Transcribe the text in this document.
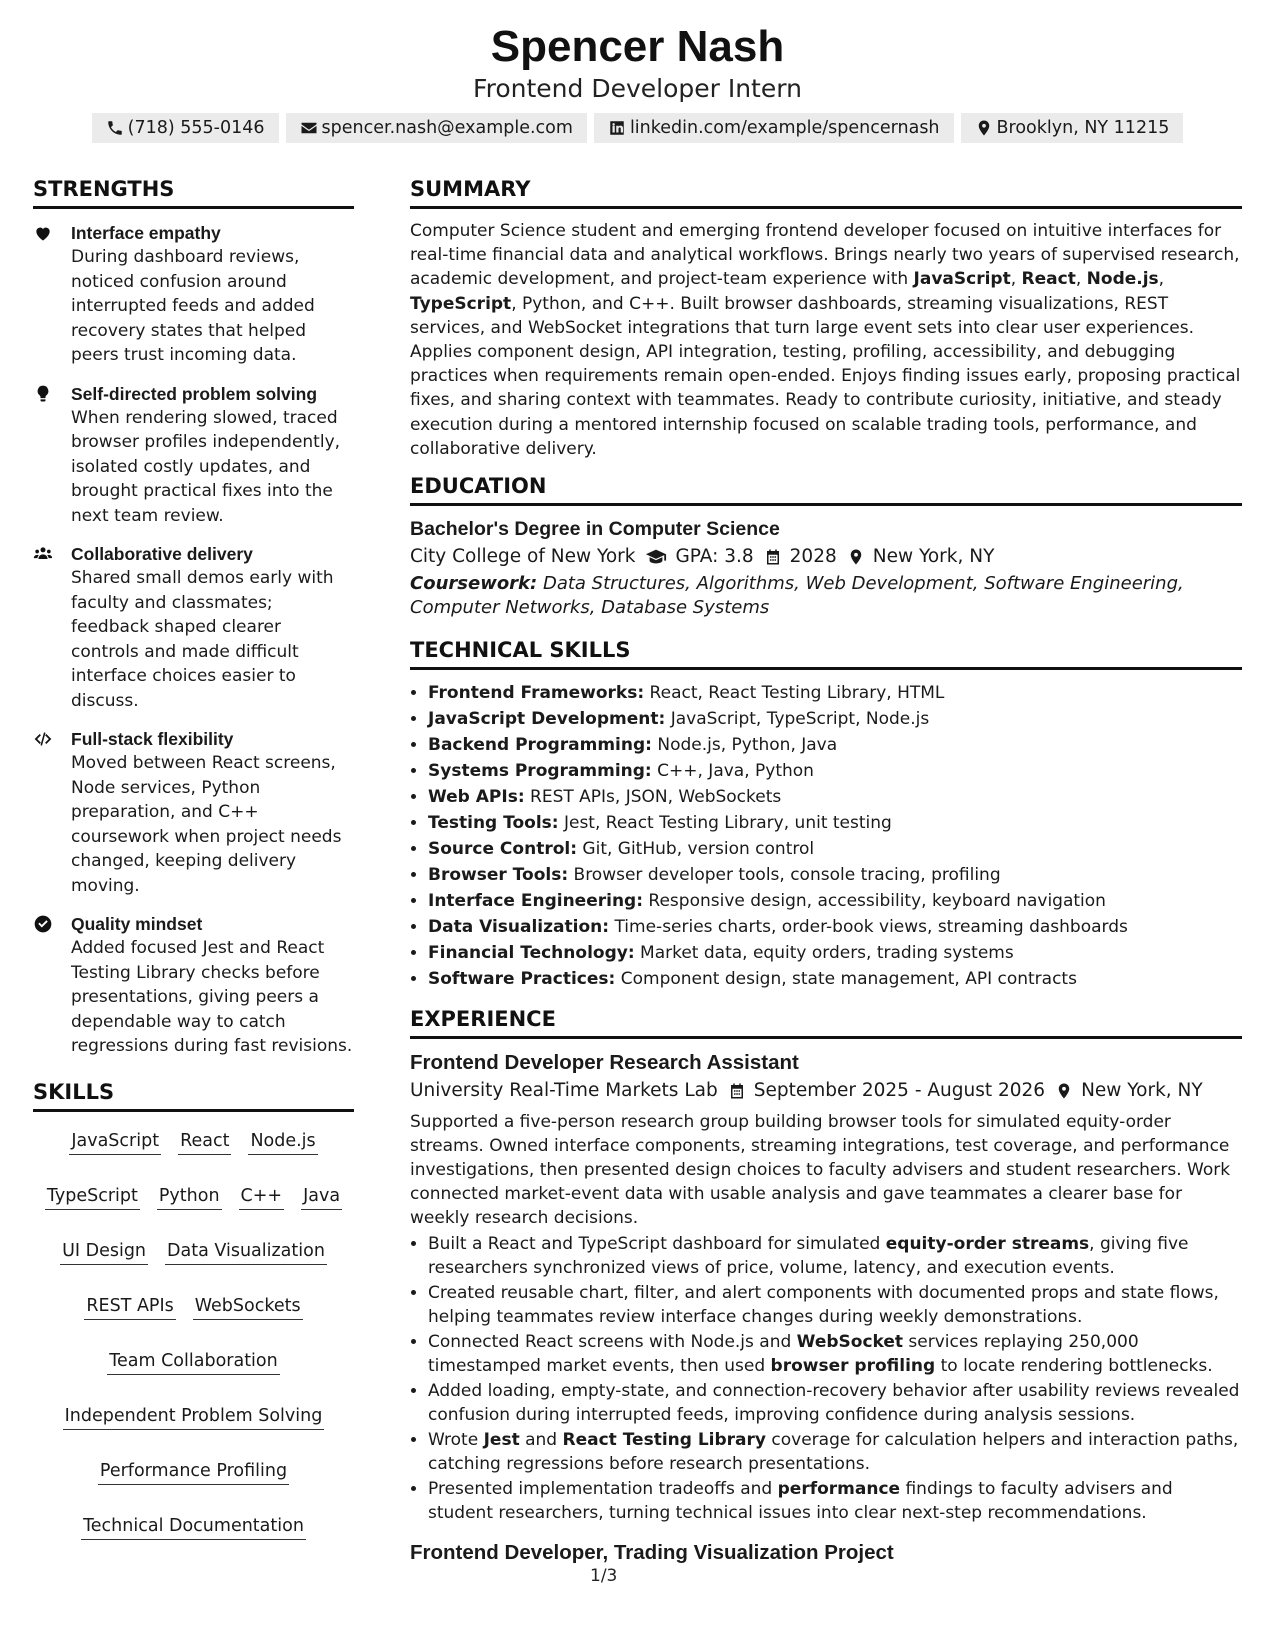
Spencer Nash
Frontend Developer Intern
(718) 555-0146	spencer.nash@example.com	linkedin.com/example/spencernash	Brooklyn, NY 11215
STRENGTHS
Interface empathy
During dashboard reviews, noticed confusion around interrupted feeds and added recovery states that helped peers trust incoming data.
Self-directed problem solving
When rendering slowed, traced browser profiles independently, isolated costly updates, and brought practical fixes into the next team review.
Collaborative delivery
Shared small demos early with faculty and classmates; feedback shaped clearer controls and made difficult interface choices easier to discuss.
Full-stack flexibility
Moved between React screens, Node services, Python preparation, and C++ coursework when project needs changed, keeping delivery moving.
Quality mindset
Added focused Jest and React Testing Library checks before presentations, giving peers a dependable way to catch regressions during fast revisions.
SKILLS
JavaScript React Node.js
TypeScript Python C++ Java
UI Design Data Visualization
REST APIs WebSockets
Team Collaboration
Independent Problem Solving
Performance Profiling
Technical Documentation
SUMMARY
Computer Science student and emerging frontend developer focused on intuitive interfaces for real-time financial data and analytical workflows. Brings nearly two years of supervised research, academic development, and project-team experience with JavaScript, React, Node.js, TypeScript, Python, and C++. Built browser dashboards, streaming visualizations, REST services, and WebSocket integrations that turn large event sets into clear user experiences. Applies component design, API integration, testing, profiling, accessibility, and debugging practices when requirements remain open-ended. Enjoys finding issues early, proposing practical fixes, and sharing context with teammates. Ready to contribute curiosity, initiative, and steady execution during a mentored internship focused on scalable trading tools, performance, and collaborative delivery.
EDUCATION
Bachelor's Degree in Computer Science
City College of New York GPA: 3.8 2028 New York, NY
Coursework: Data Structures, Algorithms, Web Development, Software Engineering, Computer Networks, Database Systems
TECHNICAL SKILLS
• Frontend Frameworks: React, React Testing Library, HTML
• JavaScript Development: JavaScript, TypeScript, Node.js
• Backend Programming: Node.js, Python, Java
• Systems Programming: C++, Java, Python
• Web APIs: REST APIs, JSON, WebSockets
• Testing Tools: Jest, React Testing Library, unit testing
• Source Control: Git, GitHub, version control
• Browser Tools: Browser developer tools, console tracing, profiling
• Interface Engineering: Responsive design, accessibility, keyboard navigation
• Data Visualization: Time-series charts, order-book views, streaming dashboards
• Financial Technology: Market data, equity orders, trading systems
• Software Practices: Component design, state management, API contracts
EXPERIENCE
Frontend Developer Research Assistant
University Real-Time Markets Lab September 2025 - August 2026 New York, NY
Supported a five-person research group building browser tools for simulated equity-order streams. Owned interface components, streaming integrations, test coverage, and performance investigations, then presented design choices to faculty advisers and student researchers. Work connected market-event data with usable analysis and gave teammates a clearer base for weekly research decisions.
• Built a React and TypeScript dashboard for simulated equity-order streams, giving five researchers synchronized views of price, volume, latency, and execution events.
• Created reusable chart, filter, and alert components with documented props and state flows, helping teammates review interface changes during weekly demonstrations.
• Connected React screens with Node.js and WebSocket services replaying 250,000 timestamped market events, then used browser profiling to locate rendering bottlenecks.
• Added loading, empty-state, and connection-recovery behavior after usability reviews revealed confusion during interrupted feeds, improving confidence during analysis sessions.
• Wrote Jest and React Testing Library coverage for calculation helpers and interaction paths, catching regressions before research presentations.
• Presented implementation tradeoffs and performance findings to faculty advisers and student researchers, turning technical issues into clear next-step recommendations.
Frontend Developer, Trading Visualization Project
1/3
